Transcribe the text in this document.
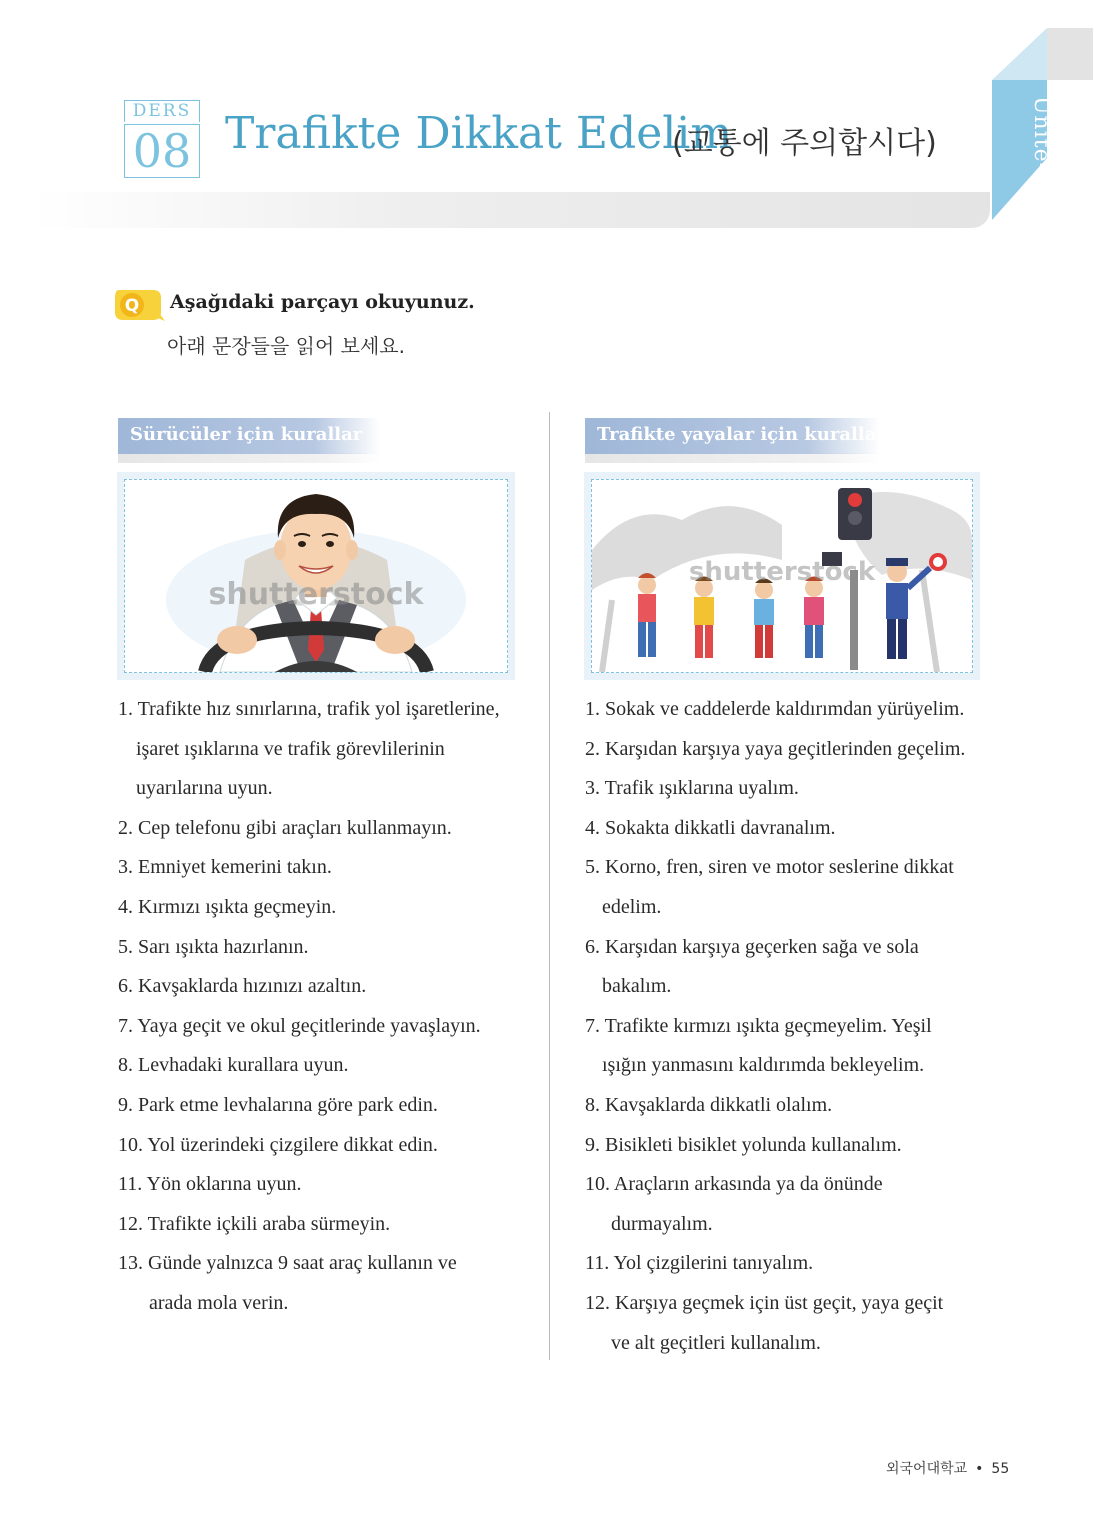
DERS
08 Trafikte Dikkat Edelim
(교통에 주의합시다)	Ünite-3
Q Aşağıdaki parçayı okuyunuz.
아래 문장들을 읽어 보세요.
Sürücüler için kurallar
shutterstock
1. Trafikte hız sınırlarına, trafik yol işaretlerine,
işaret ışıklarına ve trafik görevlilerinin
uyarılarına uyun.
2. Cep telefonu gibi araçları kullanmayın.
3. Emniyet kemerini takın.
4. Kırmızı ışıkta geçmeyin.
5. Sarı ışıkta hazırlanın.
6. Kavşaklarda hızınızı azaltın.
7. Yaya geçit ve okul geçitlerinde yavaşlayın.
8. Levhadaki kurallara uyun.
9. Park etme levhalarına göre park edin.
10. Yol üzerindeki çizgilere dikkat edin.
11. Yön oklarına uyun.
12. Trafikte içkili araba sürmeyin.
13. Günde yalnızca 9 saat araç kullanın ve
arada mola verin.
Trafikte yayalar için kurallar
shutterstock
1. Sokak ve caddelerde kaldırımdan yürüyelim.
2. Karşıdan karşıya yaya geçitlerinden geçelim.
3. Trafik ışıklarına uyalım.
4. Sokakta dikkatli davranalım.
5. Korno, fren, siren ve motor seslerine dikkat
edelim.
6. Karşıdan karşıya geçerken sağa ve sola
bakalım.
7. Trafikte kırmızı ışıkta geçmeyelim. Yeşil
ışığın yanmasını kaldırımda bekleyelim.
8. Kavşaklarda dikkatli olalım.
9. Bisikleti bisiklet yolunda kullanalım.
10. Araçların arkasında ya da önünde
durmayalım.
11. Yol çizgilerini tanıyalım.
12. Karşıya geçmek için üst geçit, yaya geçit
ve alt geçitleri kullanalım.
외국어대학교 • 55
